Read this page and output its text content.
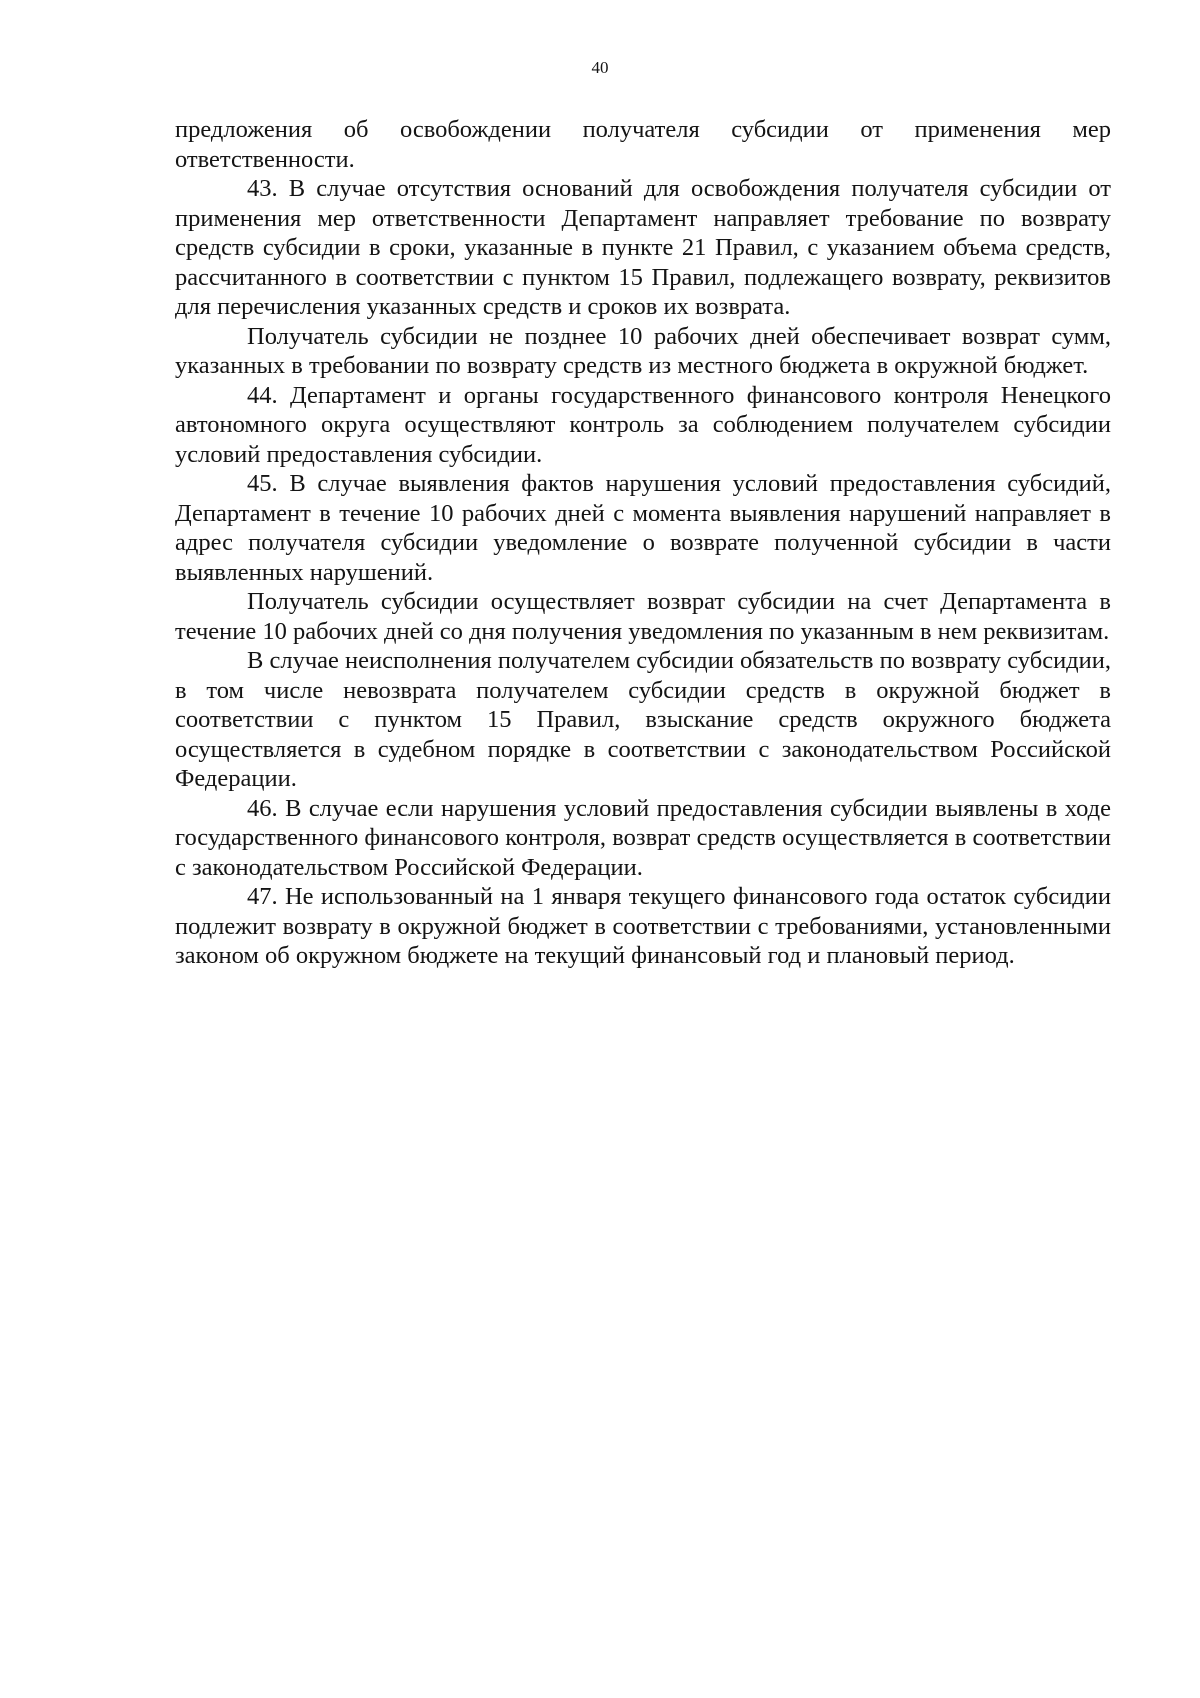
40

предложения об освобождении получателя субсидии от применения мер ответственности.

43. В случае отсутствия оснований для освобождения получателя субсидии от применения мер ответственности Департамент направляет требование по возврату средств субсидии в сроки, указанные в пункте 21 Правил, с указанием объема средств, рассчитанного в соответствии с пунктом 15 Правил, подлежащего возврату, реквизитов для перечисления указанных средств и сроков их возврата.

Получатель субсидии не позднее 10 рабочих дней обеспечивает возврат сумм, указанных в требовании по возврату средств из местного бюджета в окружной бюджет.

44. Департамент и органы государственного финансового контроля Ненецкого автономного округа осуществляют контроль за соблюдением получателем субсидии условий предоставления субсидии.

45. В случае выявления фактов нарушения условий предоставления субсидий, Департамент в течение 10 рабочих дней с момента выявления нарушений направляет в адрес получателя субсидии уведомление о возврате полученной субсидии в части выявленных нарушений.

Получатель субсидии осуществляет возврат субсидии на счет Департамента в течение 10 рабочих дней со дня получения уведомления по указанным в нем реквизитам.

В случае неисполнения получателем субсидии обязательств по возврату субсидии, в том числе невозврата получателем субсидии средств в окружной бюджет в соответствии с пунктом 15 Правил, взыскание средств окружного бюджета осуществляется в судебном порядке в соответствии с законодательством Российской Федерации.

46. В случае если нарушения условий предоставления субсидии выявлены в ходе государственного финансового контроля, возврат средств осуществляется в соответствии с законодательством Российской Федерации.

47. Не использованный на 1 января текущего финансового года остаток субсидии подлежит возврату в окружной бюджет в соответствии с требованиями, установленными законом об окружном бюджете на текущий финансовый год и плановый период.
